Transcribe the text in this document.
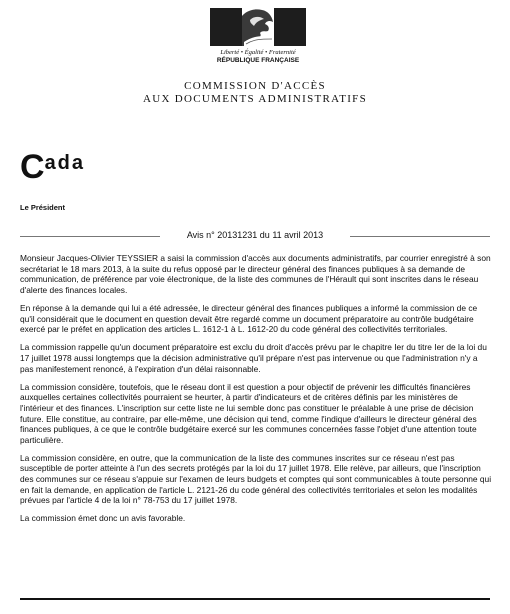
Liberté • Égalité • Fraternité
RÉPUBLIQUE FRANÇAISE
COMMISSION D'ACCÈS
AUX DOCUMENTS ADMINISTRATIFS
Cada
Le Président
Avis n° 20131231 du 11 avril 2013

Monsieur Jacques-Olivier TEYSSIER a saisi la commission d'accès aux documents administratifs, par courrier enregistré à son secrétariat le 18 mars 2013, à la suite du refus opposé par le directeur général des finances publiques à sa demande de communication, de préférence par voie électronique, de la liste des communes de l'Hérault qui sont inscrites dans le réseau d'alerte des finances locales.

En réponse à la demande qui lui a été adressée, le directeur général des finances publiques a informé la commission de ce qu'il considérait que le document en question devait être regardé comme un document préparatoire au contrôle budgétaire exercé par le préfet en application des articles L. 1612-1 à L. 1612-20 du code général des collectivités territoriales.

La commission rappelle qu'un document préparatoire est exclu du droit d'accès prévu par le chapitre Ier du titre Ier de la loi du 17 juillet 1978 aussi longtemps que la décision administrative qu'il prépare n'est pas intervenue ou que l'administration n'y a pas manifestement renoncé, à l'expiration d'un délai raisonnable.

La commission considère, toutefois, que le réseau dont il est question a pour objectif de prévenir les difficultés financières auxquelles certaines collectivités pourraient se heurter, à partir d'indicateurs et de critères définis par les ministères de l'intérieur et des finances. L'inscription sur cette liste ne lui semble donc pas constituer le préalable à une prise de décision future. Elle constitue, au contraire, par elle-même, une décision qui tend, comme l'indique d'ailleurs le directeur général des finances publiques, à ce que le contrôle budgétaire exercé sur les communes concernées fasse l'objet d'une attention toute particulière.

La commission considère, en outre, que la communication de la liste des communes inscrites sur ce réseau n'est pas susceptible de porter atteinte à l'un des secrets protégés par la loi du 17 juillet 1978. Elle relève, par ailleurs, que l'inscription des communes sur ce réseau s'appuie sur l'examen de leurs budgets et comptes qui sont communicables à toute personne qui en fait la demande, en application de l'article L. 2121-26 du code général des collectivités territoriales et selon les modalités prévues par l'article 4 de la loi n° 78-753 du 17 juillet 1978.

La commission émet donc un avis favorable.
